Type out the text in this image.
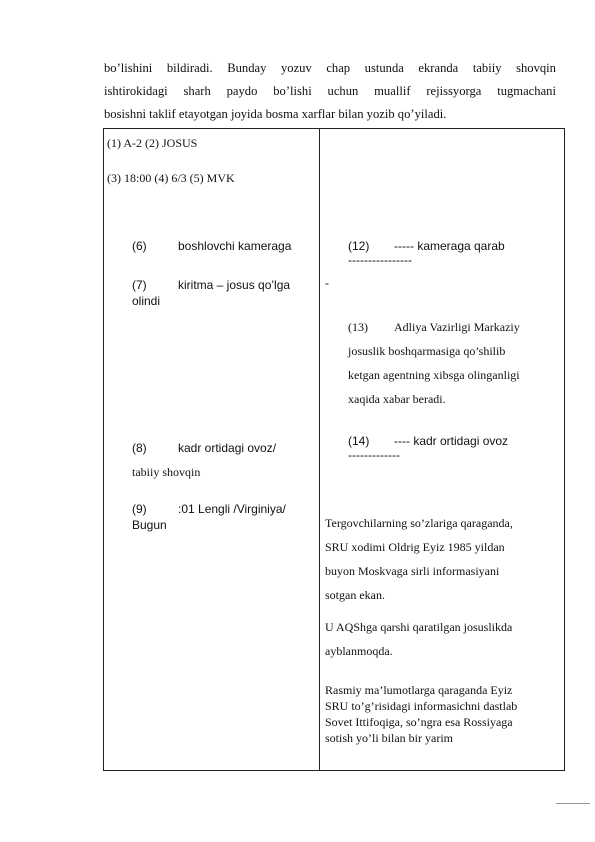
bo’lishini bildiradi. Bunday yozuv chap ustunda ekranda tabiiy shovqin
ishtirokidagi sharh paydo bo’lishi uchun muallif rejissyorga tugmachani
bosishni taklif etayotgan joyida bosma xarflar bilan yozib qo’yiladi.
(1) A-2 (2) JOSUS
(3) 18:00 (4) 6/3 (5) MVK
(6)	boshlovchi kameraga
(7)	kiritma – josus qo’lga
olindi
(8)	kadr ortidagi ovoz/
tabiiy shovqin
(9)	:01 Lengli /Virginiya/
Bugun

(12) ----- kameraga qarab
----------------
-
(13) Adliya Vazirligi Markaziy
josuslik boshqarmasiga qo’shilib
ketgan agentning xibsga olinganligi
xaqida xabar beradi.
(14) ---- kadr ortidagi ovoz
-------------
Tergovchilarning so’zlariga qaraganda,
SRU xodimi Oldrig Eyiz 1985 yildan
buyon Moskvaga sirli informasiyani
sotgan ekan.
U AQShga qarshi qaratilgan josuslikda
ayblanmoqda.
Rasmiy ma’lumotlarga qaraganda Eyiz
SRU to’g’risidagi informasichni dastlab
Sovet Ittifoqiga, so’ngra esa Rossiyaga
sotish yo’li bilan bir yarim
